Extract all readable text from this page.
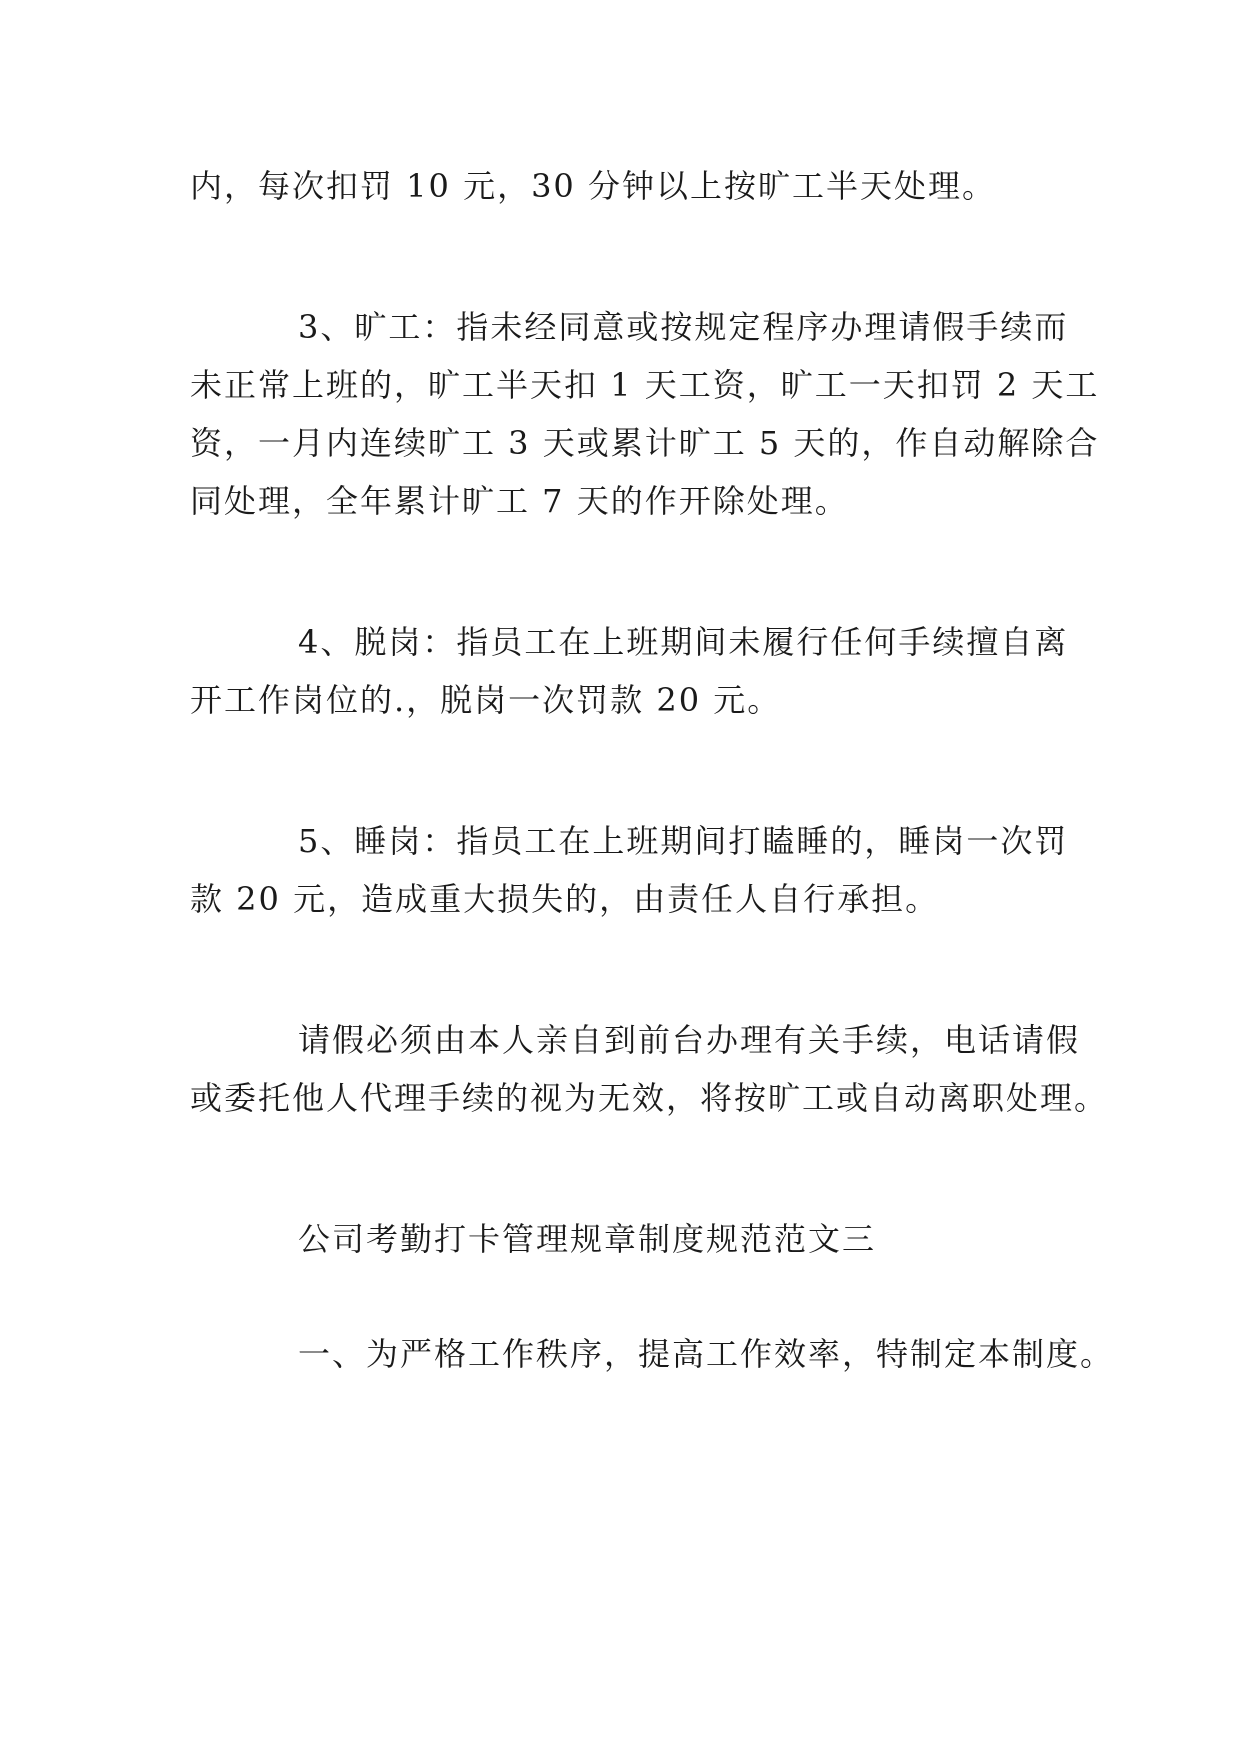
内，每次扣罚 10 元，30 分钟以上按旷工半天处理。
3、旷工：指未经同意或按规定程序办理请假手续而
未正常上班的，旷工半天扣 1 天工资，旷工一天扣罚 2 天工
资，一月内连续旷工 3 天或累计旷工 5 天的，作自动解除合
同处理，全年累计旷工 7 天的作开除处理。
4、脱岗：指员工在上班期间未履行任何手续擅自离
开工作岗位的.，脱岗一次罚款 20 元。
5、睡岗：指员工在上班期间打瞌睡的，睡岗一次罚
款 20 元，造成重大损失的，由责任人自行承担。
请假必须由本人亲自到前台办理有关手续，电话请假
或委托他人代理手续的视为无效，将按旷工或自动离职处理。
公司考勤打卡管理规章制度规范范文三
一、为严格工作秩序，提高工作效率，特制定本制度。
